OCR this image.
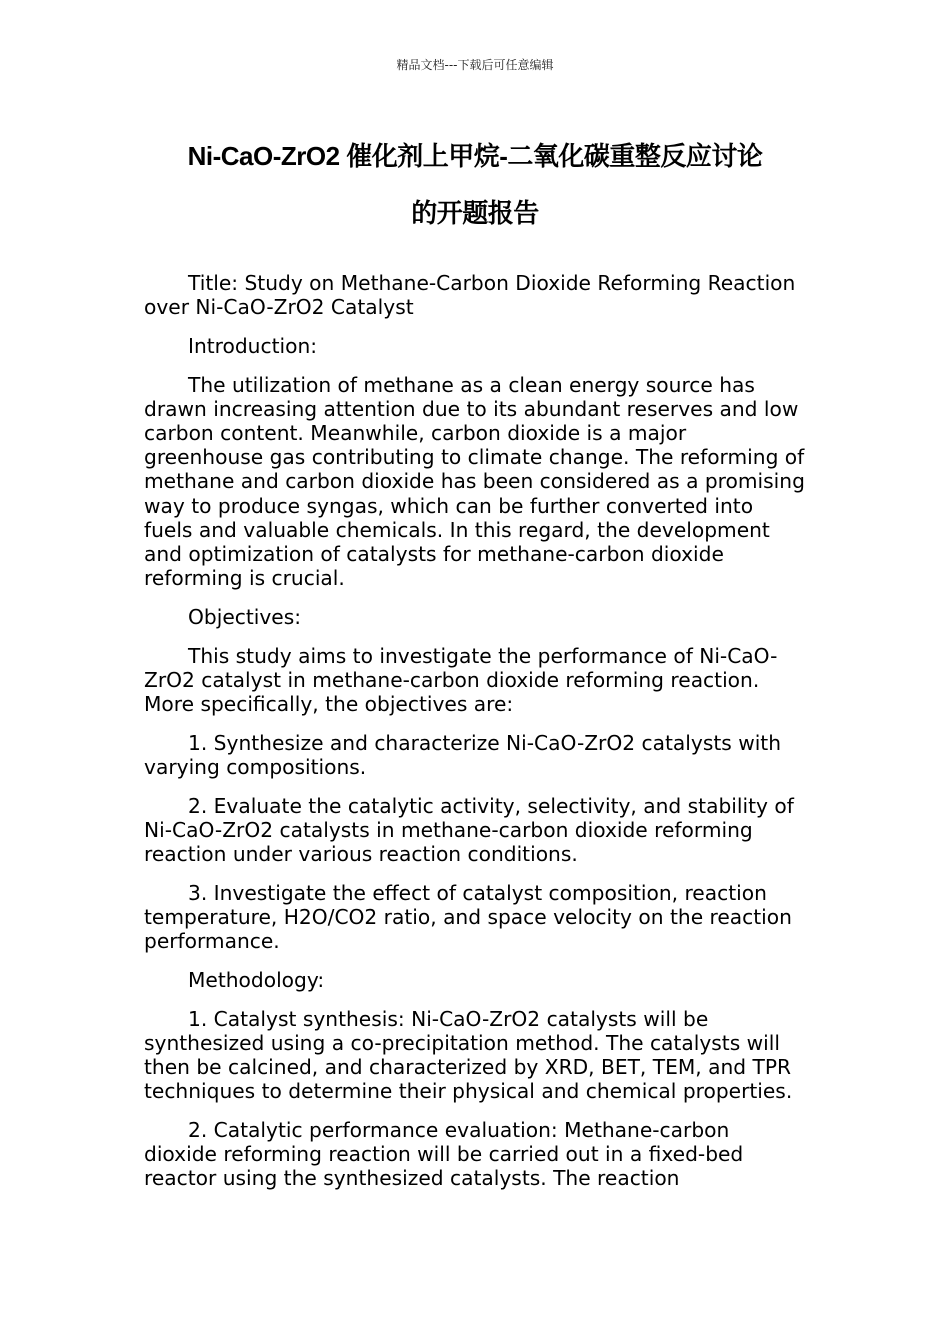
精品文档---下载后可任意编辑
Ni-CaO-ZrO2 催化剂上甲烷-二氧化碳重整反应讨论
的开题报告

Title: Study on Methane-Carbon Dioxide Reforming Reaction over Ni-CaO-ZrO2 Catalyst

Introduction:

The utilization of methane as a clean energy source has drawn increasing attention due to its abundant reserves and low carbon content. Meanwhile, carbon dioxide is a major greenhouse gas contributing to climate change. The reforming of methane and carbon dioxide has been considered as a promising way to produce syngas, which can be further converted into fuels and valuable chemicals. In this regard, the development and optimization of catalysts for methane-carbon dioxide reforming is crucial.

Objectives:

This study aims to investigate the performance of Ni-CaO-ZrO2 catalyst in methane-carbon dioxide reforming reaction. More specifically, the objectives are:

1. Synthesize and characterize Ni-CaO-ZrO2 catalysts with varying compositions.

2. Evaluate the catalytic activity, selectivity, and stability of Ni-CaO-ZrO2 catalysts in methane-carbon dioxide reforming reaction under various reaction conditions.

3. Investigate the effect of catalyst composition, reaction temperature, H2O/CO2 ratio, and space velocity on the reaction performance.

Methodology:

1. Catalyst synthesis: Ni-CaO-ZrO2 catalysts will be synthesized using a co-precipitation method. The catalysts will then be calcined, and characterized by XRD, BET, TEM, and TPR techniques to determine their physical and chemical properties.

2. Catalytic performance evaluation: Methane-carbon dioxide reforming reaction will be carried out in a fixed-bed reactor using the synthesized catalysts. The reaction
